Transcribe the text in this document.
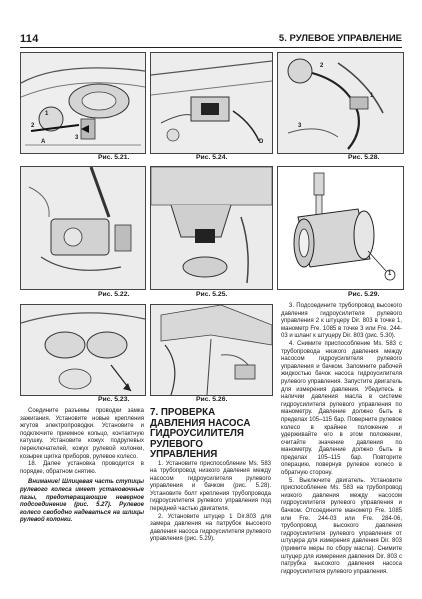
114	5. РУЛЕВОЕ УПРАВЛЕНИЕ
1
2
3
А
Рис. 5.21.
D
Рис. 5.24.
2
1
3
Рис. 5.28.
Рис. 5.22.	Рис. 5.25.
1
Рис. 5.29.
Рис. 5.23.	Рис. 5.26.

Соедините разъемы проводки замка зажигания. Установите новые крепления жгутов электропроводки. Установите и подключите приемное кольцо, контактную катушку. Установите кожух подрулевых переключателей, кожух рулевой колонки, козырек щитка приборов, рулевое колесо.

18. Далее установка проводится в порядке, обратном снятию.

Внимание! Шлицевая часть ступицы рулевого колеса имеет установочные пазы, предотвращающие неверное подсоединение (рис. 5.27). Рулевое колесо свободно надеваться на шлицы рулевой колонки.

7. ПРОВЕРКА ДАВЛЕНИЯ НАСОСА ГИДРОУСИЛИТЕЛЯ РУЛЕВОГО УПРАВЛЕНИЯ

1. Установите приспособление Ms. 583 на трубопровод низкого давления между насосом гидроусилителя рулевого управления и бачком (рис. 5.28). Установите болт крепления трубопровода гидроусилителя рулевого управления под передней частью двигателя.

2. Установите штуцер 1 Dir.803 для замера давления на патрубок высокого давления насоса гидроусилителя рулевого управления (рис. 5.29).

3. Подсоедините трубопровод высокого давления гидроусилителя рулевого управления 2 к штуцеру Dir. 803 в точке 1, манометр Fre. 1085 в точке 3 или Fre. 244-03 и шланг к штуцеру Dir. 803 (рис. 5.30).

4. Снимите приспособление Ms. 583 с трубопровода низкого давления между насосом гидроусилителя рулевого управления и бачком. Запомните рабочей жидкостью бачок насоса гидроусилителя рулевого управления. Запустите двигатель для измерения давления. Убедитесь в наличии давления масла в системе гидроусилителя рулевого управления по манометру. Давление должно быть в пределах 105–115 бар. Поверните рулевое колесо в крайнее положение и удерживайте его в этом положении, считайте значение давления по манометру. Давление должно быть в пределах 105–115 бар. Повторите операцию, повернув рулевое колесо в обратную сторону.

5. Выключите двигатель. Установите приспособление Ms. 583 на трубопровод низкого давления между насосом гидроусилителя рулевого управления и бачком. Отсоедините манометр Fre. 1085 или Fre. 244-03 или Fre. 284-06, трубопровод высокого давления гидроусилителя рулевого управления от штуцера для измерения давления Dir. 803 (примите меры по сбору масла). Снимите штуцер для измерения давления Dir. 803 с патрубка высокого давления насоса гидроусилителя рулевого управления.
